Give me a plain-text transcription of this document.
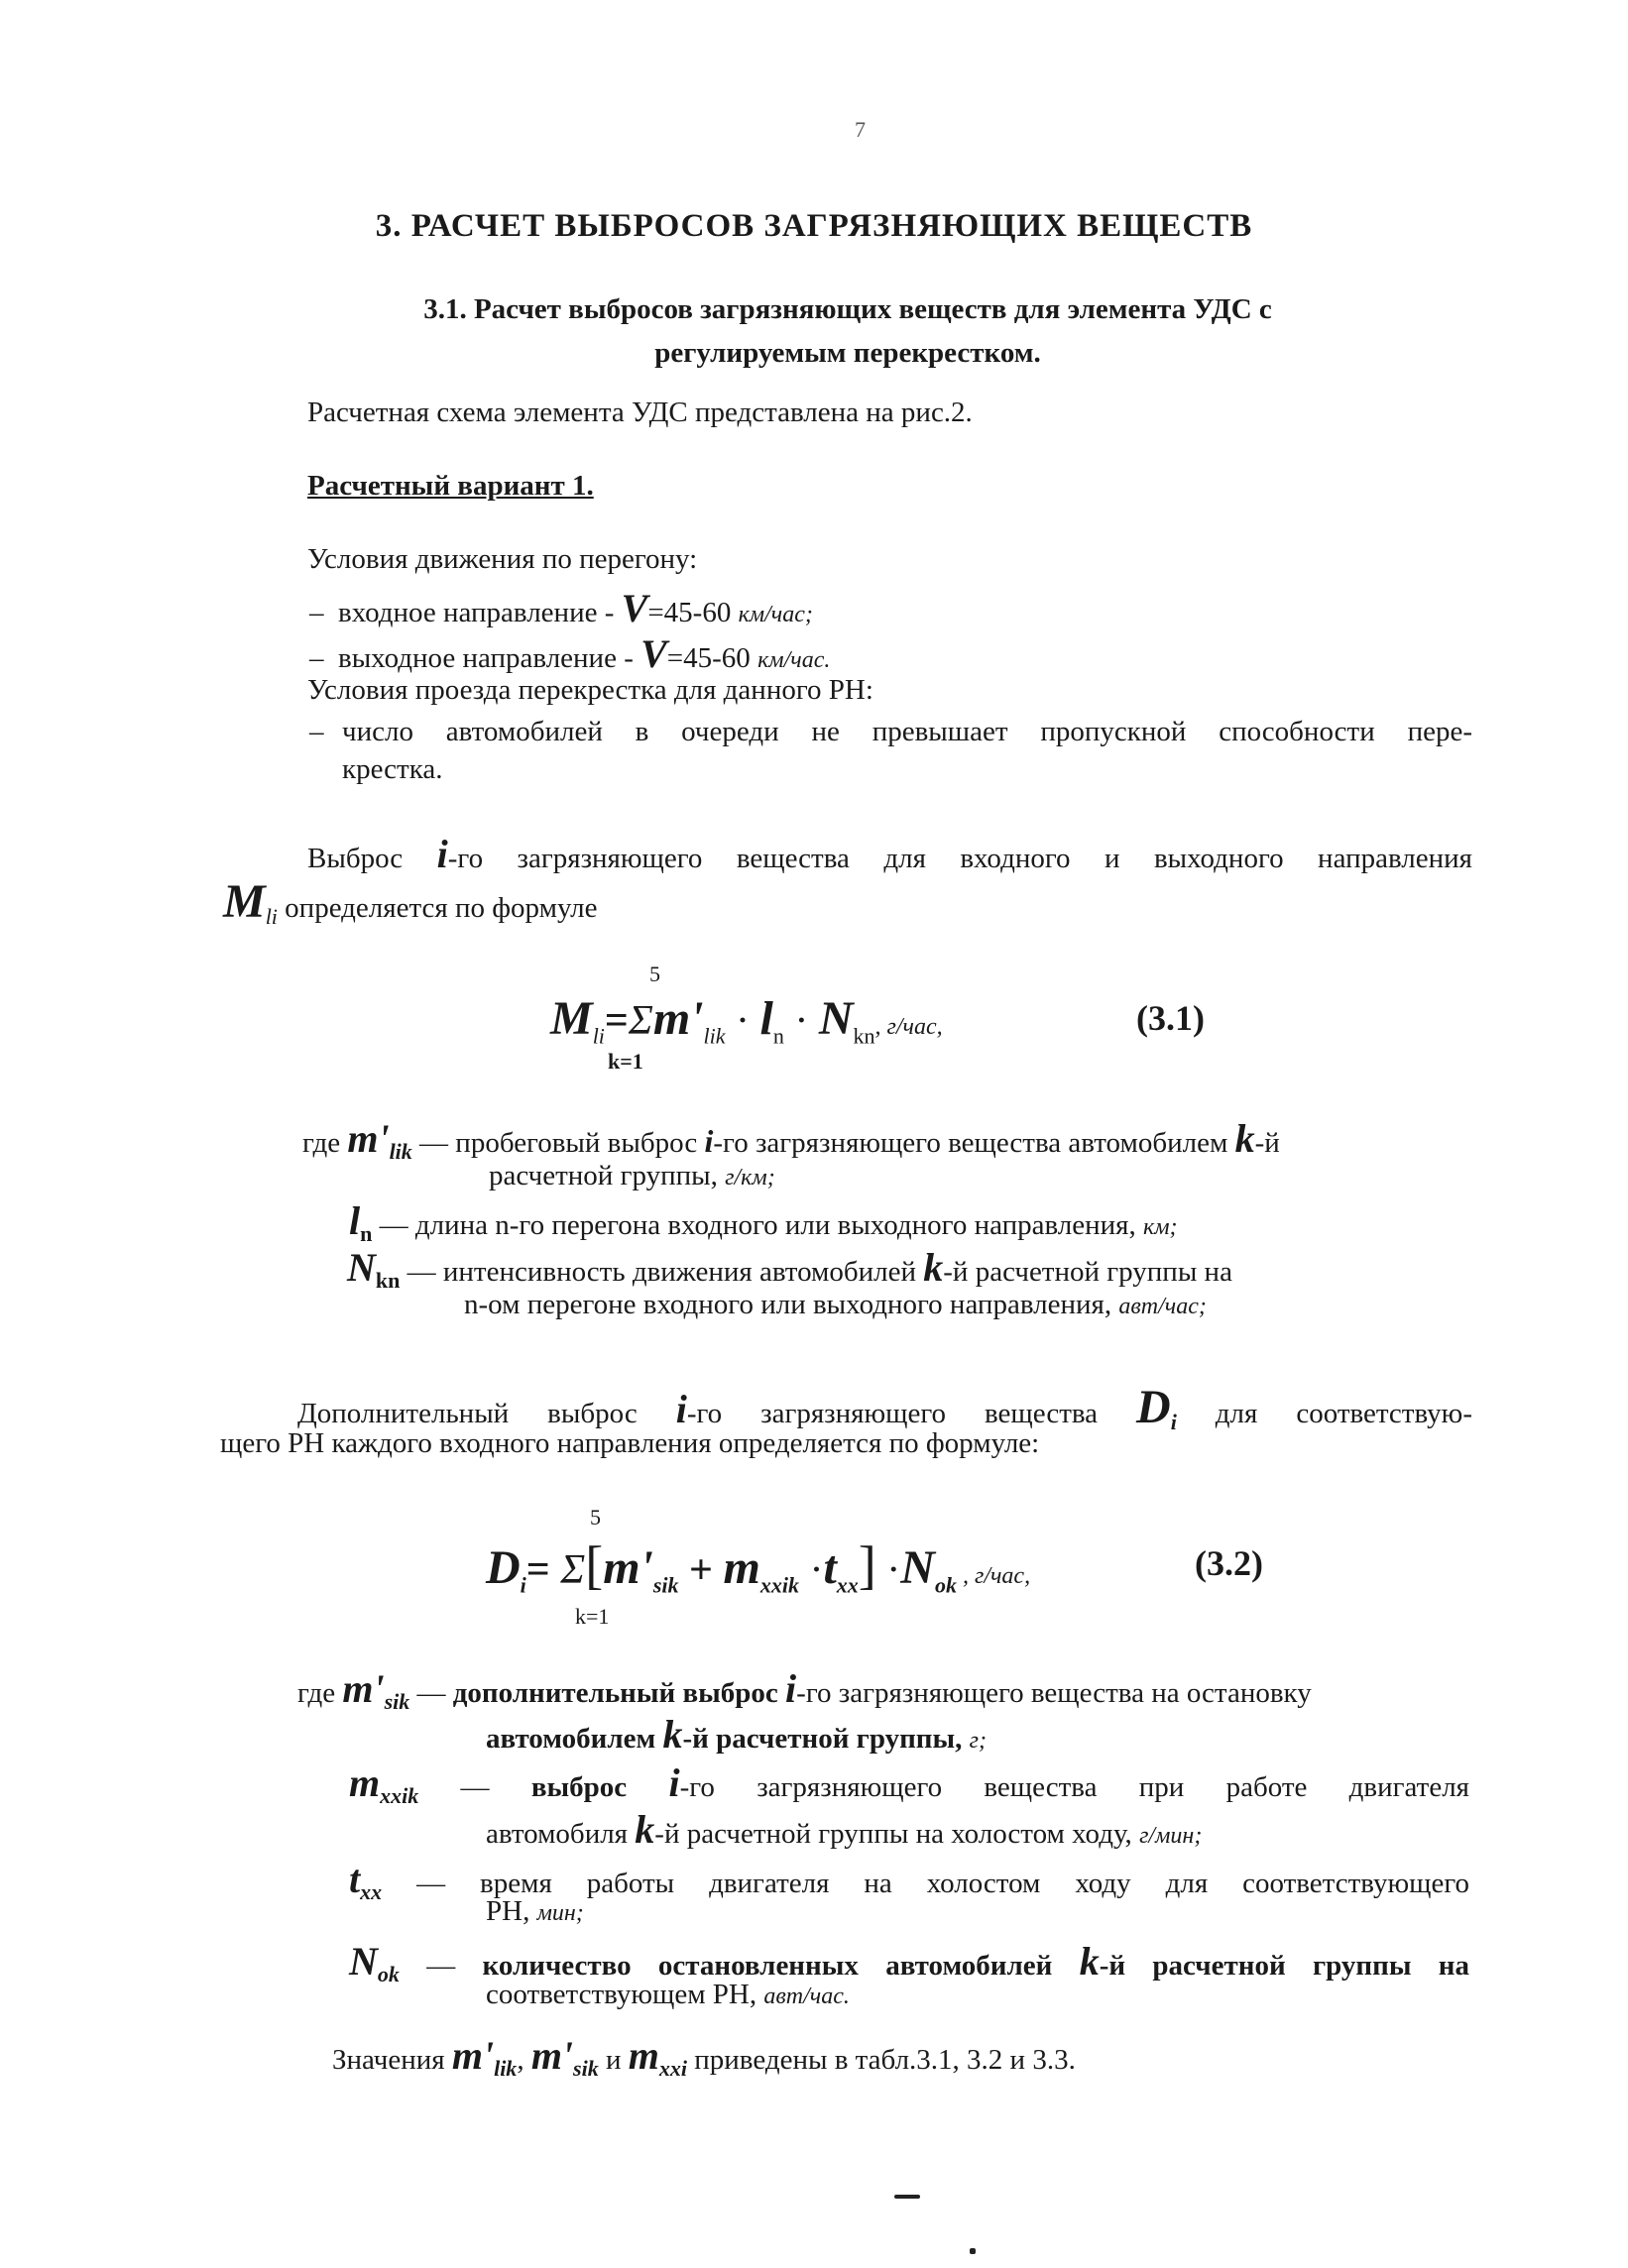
7
3. РАСЧЕТ ВЫБРОСОВ ЗАГРЯЗНЯЮЩИХ ВЕЩЕСТВ
3.1. Расчет выбросов загрязняющих веществ для элемента УДС с регулируемым перекрестком.
Расчетная схема элемента УДС представлена на рис.2.
Расчетный вариант 1.
Условия движения по перегону:
–  входное направление - V=45-60 км/час;
–  выходное направление - V=45-60 км/час.
Условия проезда перекрестка для данного РН:
– число автомобилей в очереди не превышает пропускной способности пере-
крестка.
Выброс i-го загрязняющего вещества для входного и выходного направления
$M_{li}$ определяется по формуле
5
$M_{li}=\Sigma m'_{lik} \cdot l_n \cdot N_{kn}$, г/час,
k=1
(3.1)
где $m'_{lik}$ — пробеговый выброс i-го загрязняющего вещества автомобилем k-й
расчетной группы, г/км;
$l_n$ — длина n-го перегона входного или выходного направления, км;
$N_{kn}$ — интенсивность движения автомобилей k-й расчетной группы на
n-ом перегоне входного или выходного направления, авт/час;
Дополнительный выброс i-го загрязняющего вещества $D_i$ для соответствую-
щего РН каждого входного направления определяется по формуле:
5
$D_i= \Sigma[m'_{sik} + m_{xxik} \cdot t_{xx}] \cdot N_{ok}$ , г/час,
k=1
(3.2)
где $m'_{sik}$ — дополнительный выброс i-го загрязняющего вещества на остановку
автомобилем k-й расчетной группы, г;
$m_{xxik}$ — выброс i-го загрязняющего вещества при работе двигателя
автомобиля k-й расчетной группы на холостом ходу, г/мин;
$t_{xx}$ — время работы двигателя на холостом ходу для соответствующего
РН, мин;
$N_{ok}$ — количество остановленных автомобилей k-й расчетной группы на
соответствующем РН, авт/час.
Значения $m'_{lik}$, $m'_{sik}$ и $m_{xxi}$ приведены в табл.3.1, 3.2 и 3.3.
